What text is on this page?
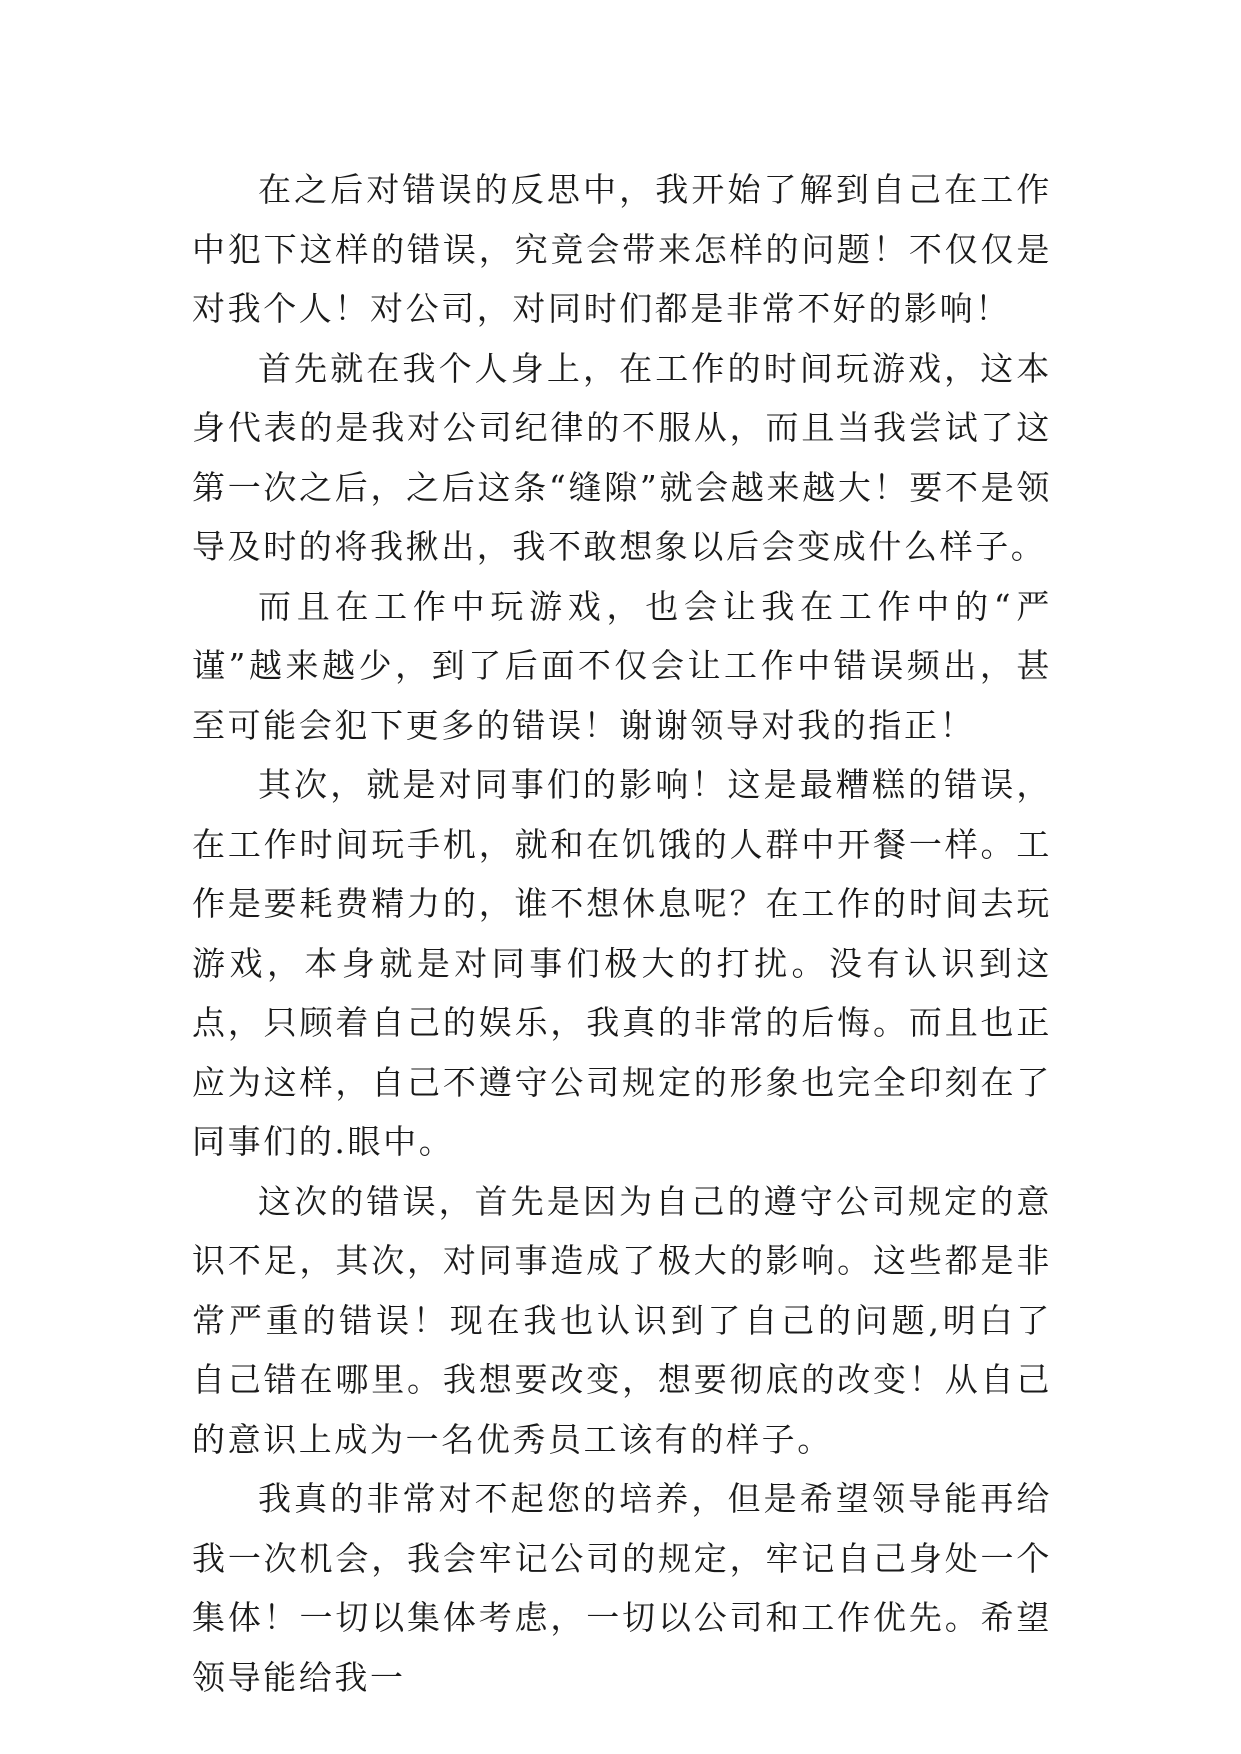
在之后对错误的反思中，我开始了解到自己在工作中犯下这样的错误，究竟会带来怎样的问题！不仅仅是对我个人！对公司，对同时们都是非常不好的影响！

首先就在我个人身上，在工作的时间玩游戏，这本身代表的是我对公司纪律的不服从，而且当我尝试了这第一次之后，之后这条“缝隙”就会越来越大！要不是领导及时的将我揪出，我不敢想象以后会变成什么样子。

而且在工作中玩游戏，也会让我在工作中的“严谨”越来越少，到了后面不仅会让工作中错误频出，甚至可能会犯下更多的错误！谢谢领导对我的指正！

其次，就是对同事们的影响！这是最糟糕的错误，在工作时间玩手机，就和在饥饿的人群中开餐一样。工作是要耗费精力的，谁不想休息呢？在工作的时间去玩游戏，本身就是对同事们极大的打扰。没有认识到这点，只顾着自己的娱乐，我真的非常的后悔。而且也正应为这样，自己不遵守公司规定的形象也完全印刻在了同事们的.眼中。

这次的错误，首先是因为自己的遵守公司规定的意识不足，其次，对同事造成了极大的影响。这些都是非常严重的错误！现在我也认识到了自己的问题,明白了自己错在哪里。我想要改变，想要彻底的改变！从自己的意识上成为一名优秀员工该有的样子。

我真的非常对不起您的培养，但是希望领导能再给我一次机会，我会牢记公司的规定，牢记自己身处一个集体！一切以集体考虑，一切以公司和工作优先。希望领导能给我一
